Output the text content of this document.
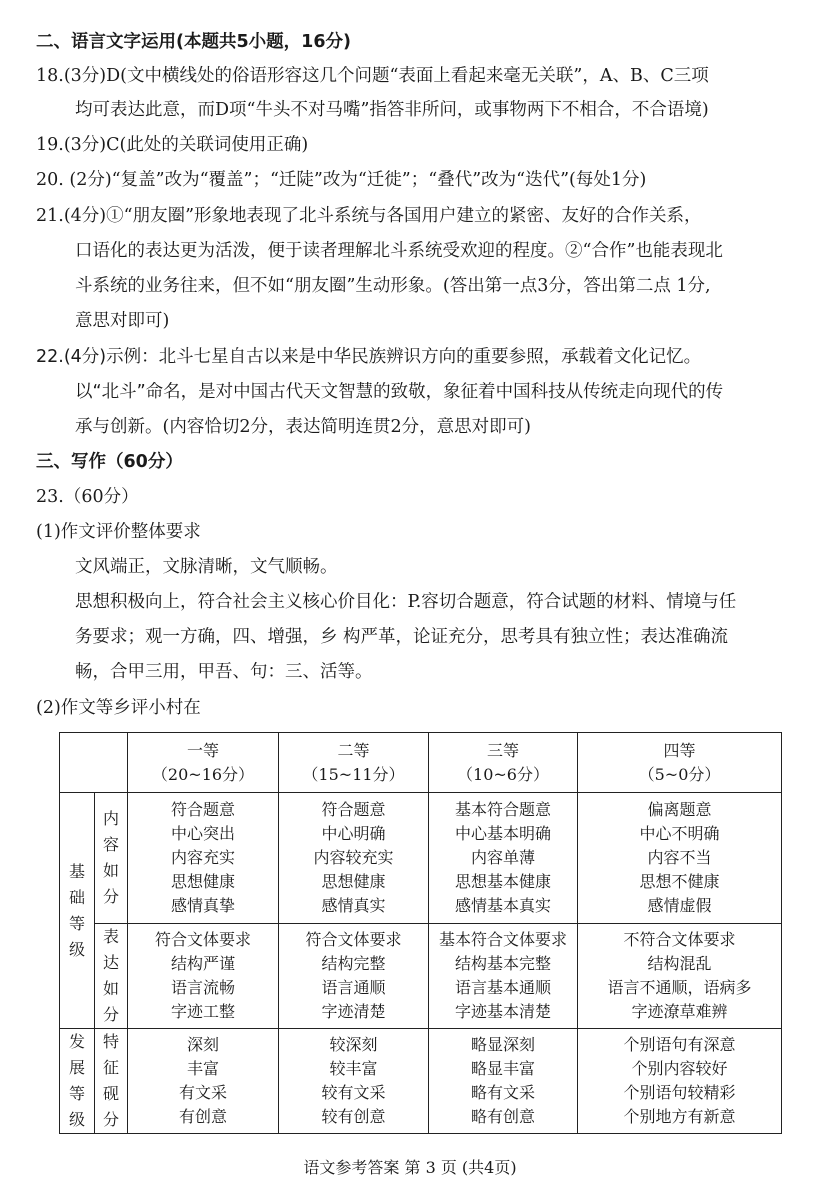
二、语言文字运用(本题共5小题，16分)
18.(3分)D(文中横线处的俗语形容这几个问题“表面上看起来毫无关联”，A、B、C三项
均可表达此意，而D项“牛头不对马嘴”指答非所问，或事物两下不相合，不合语境)
19.(3分)C(此处的关联词使用正确)
20. (2分)“复盖”改为“覆盖”；“迁陡”改为“迁徙”；“叠代”改为“迭代”(每处1分)
21.(4分)①“朋友圈”形象地表现了北斗系统与各国用户建立的紧密、友好的合作关系，
口语化的表达更为活泼，便于读者理解北斗系统受欢迎的程度。②“合作”也能表现北
斗系统的业务往来，但不如“朋友圈”生动形象。(答出第一点3分，答出第二点 1分,
意思对即可)
22.(4分)示例：北斗七星自古以来是中华民族辨识方向的重要参照，承载着文化记忆。
以“北斗”命名，是对中国古代天文智慧的致敬，象征着中国科技从传统走向现代的传
承与创新。(内容恰切2分，表达简明连贯2分，意思对即可)
三、写作（60分）
23.（60分）
(1)作文评价整体要求
文风端正，文脉清晰，文气顺畅。
思想积极向上，符合社会主义核心价目化：P.容切合题意，符合试题的材料、情境与任
务要求；观一方确，四、增强，乡 构严革，论证充分，思考具有独立性；表达准确流
畅，合甲三用，甲吾、句：三、活等。
(2)作文等乡评小村在

		一等
（20~16分）	二等
（15~11分）	三等
（10~6分）	四等
（5~0分）

基
础
等
级	内
容
如
分	符合题意
中心突出
内容充实
思想健康
感情真挚	符合题意
中心明确
内容较充实
思想健康
感情真实	基本符合题意
中心基本明确
内容单薄
思想基本健康
感情基本真实	偏离题意
中心不明确
内容不当
思想不健康
感情虚假

	表
达
如
分	符合文体要求
结构严谨
语言流畅
字迹工整	符合文体要求
结构完整
语言通顺
字迹清楚	基本符合文体要求
结构基本完整
语言基本通顺
字迹基本清楚	不符合文体要求
结构混乱
语言不通顺，语病多
字迹潦草难辨

发
展
等
级	特
征
砚
分	深刻
丰富
有文采
有创意	较深刻
较丰富
较有文采
较有创意	略显深刻
略显丰富
略有文采
略有创意	个别语句有深意
个别内容较好
个别语句较精彩
个别地方有新意
语文参考答案 第 3 页 (共4页)
